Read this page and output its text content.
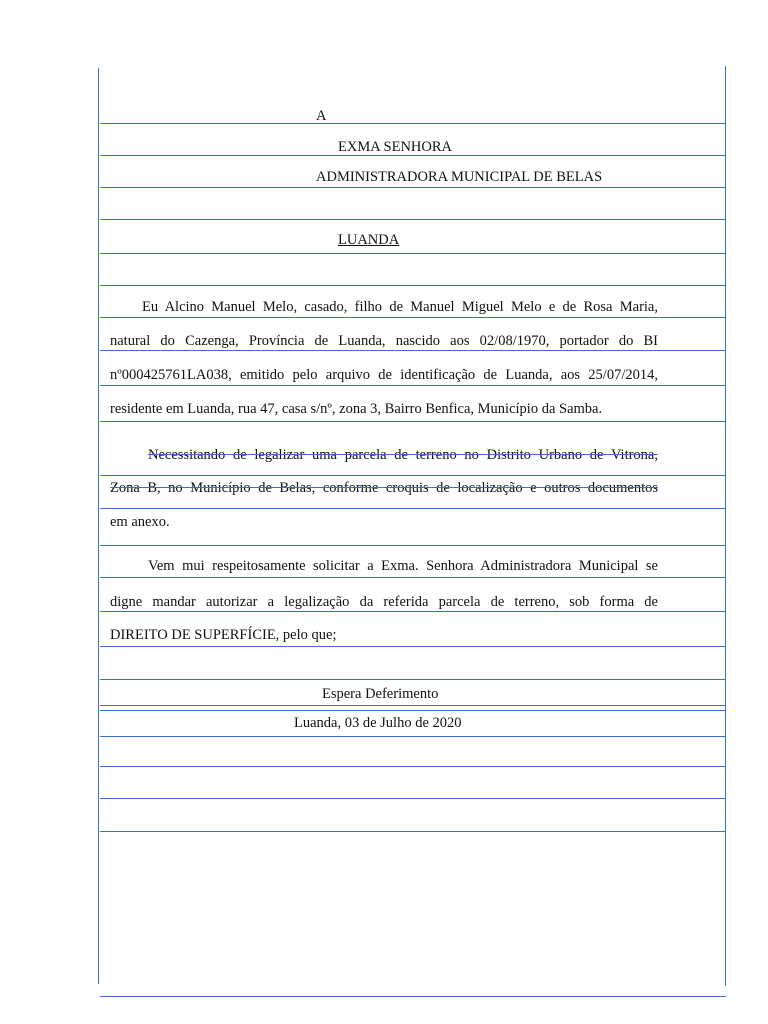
A
EXMA SENHORA
ADMINISTRADORA MUNICIPAL DE BELAS
LUANDA
Eu Alcino Manuel Melo, casado, filho de Manuel Miguel Melo e de Rosa Maria,
natural do Cazenga, Província de Luanda, nascido aos 02/08/1970, portador do BI
nº000425761LA038, emitido pelo arquivo de identificação de Luanda, aos 25/07/2014,
residente em Luanda, rua 47, casa s/nº, zona 3, Bairro Benfica, Município da Samba.
Necessitando de legalizar uma parcela de terreno no Distrito Urbano de Vitrona,
Zona B, no Município de Belas, conforme croquis de localização e outros documentos
em anexo.
Vem mui respeitosamente solicitar a Exma. Senhora Administradora Municipal se
digne mandar autorizar a legalização da referida parcela de terreno, sob forma de
DIREITO DE SUPERFÍCIE, pelo que;
Espera Deferimento
Luanda, 03 de Julho de 2020
